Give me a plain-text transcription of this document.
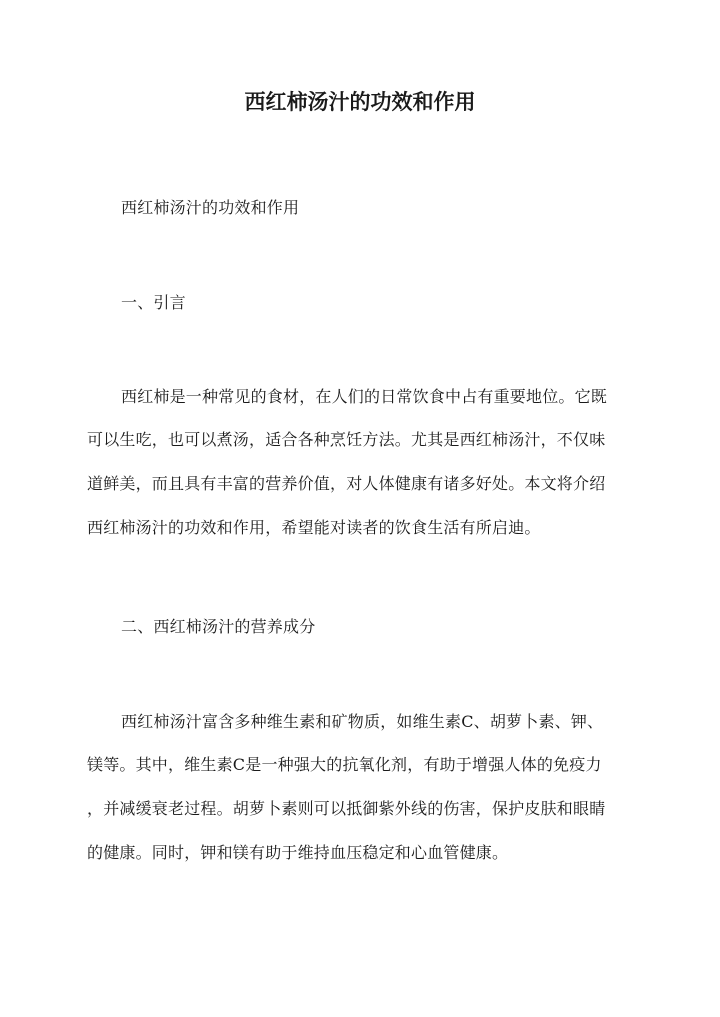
西红柿汤汁的功效和作用
西红柿汤汁的功效和作用
一、引言
西红柿是一种常见的食材，在人们的日常饮食中占有重要地位。它既
可以生吃，也可以煮汤，适合各种烹饪方法。尤其是西红柿汤汁，不仅味
道鲜美，而且具有丰富的营养价值，对人体健康有诸多好处。本文将介绍
西红柿汤汁的功效和作用，希望能对读者的饮食生活有所启迪。
二、西红柿汤汁的营养成分
西红柿汤汁富含多种维生素和矿物质，如维生素C、胡萝卜素、钾、
镁等。其中，维生素C是一种强大的抗氧化剂，有助于增强人体的免疫力
，并减缓衰老过程。胡萝卜素则可以抵御紫外线的伤害，保护皮肤和眼睛
的健康。同时，钾和镁有助于维持血压稳定和心血管健康。
